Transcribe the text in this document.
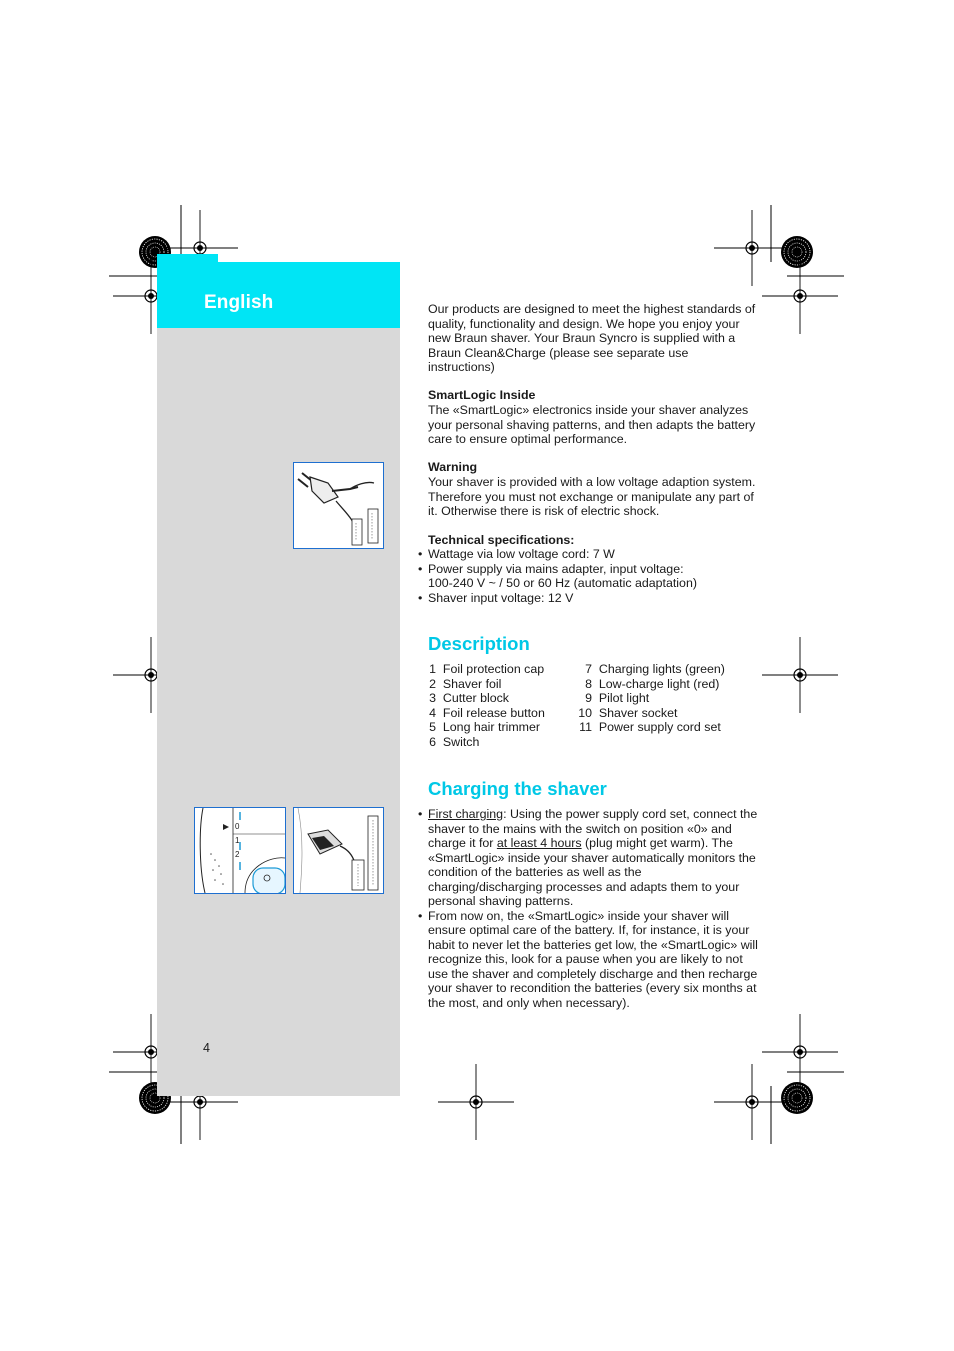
English
0
1
2
4
Our products are designed to meet the highest standards of quality, functionality and design. We hope you enjoy your new Braun shaver. Your Braun Syncro is supplied with a Braun Clean&Charge (please see separate use instructions)
SmartLogic Inside
The «SmartLogic» electronics inside your shaver analyzes your personal shaving patterns, and then adapts the battery care to ensure optimal performance.
Warning
Your shaver is provided with a low voltage adaption system. Therefore you must not exchange or manipulate any part of it. Otherwise there is risk of electric shock.
Technical specifications:
• Wattage via low voltage cord: 7 W
• Power supply via mains adapter, input voltage:
100-240 V ~ / 50 or 60 Hz (automatic adaptation)
• Shaver input voltage: 12 V
Description
1 Foil protection cap
2 Shaver foil
3 Cutter block
4 Foil release button
5 Long hair trimmer
6 Switch
7 Charging lights (green)
8 Low-charge light (red)
9 Pilot light
10 Shaver socket
11 Power supply cord set
Charging the shaver
• First charging: Using the power supply cord set, connect the shaver to the mains with the switch on position «0» and charge it for at least 4 hours (plug might get warm). The «SmartLogic» inside your shaver automatically monitors the condition of the batteries as well as the charging/discharging processes and adapts them to your personal shaving patterns.
• From now on, the «SmartLogic» inside your shaver will ensure optimal care of the battery. If, for instance, it is your habit to never let the batteries get low, the «SmartLogic» will recognize this, look for a pause when you are likely to not use the shaver and completely discharge and then recharge your shaver to recondition the batteries (every six months at the most, and only when necessary).
